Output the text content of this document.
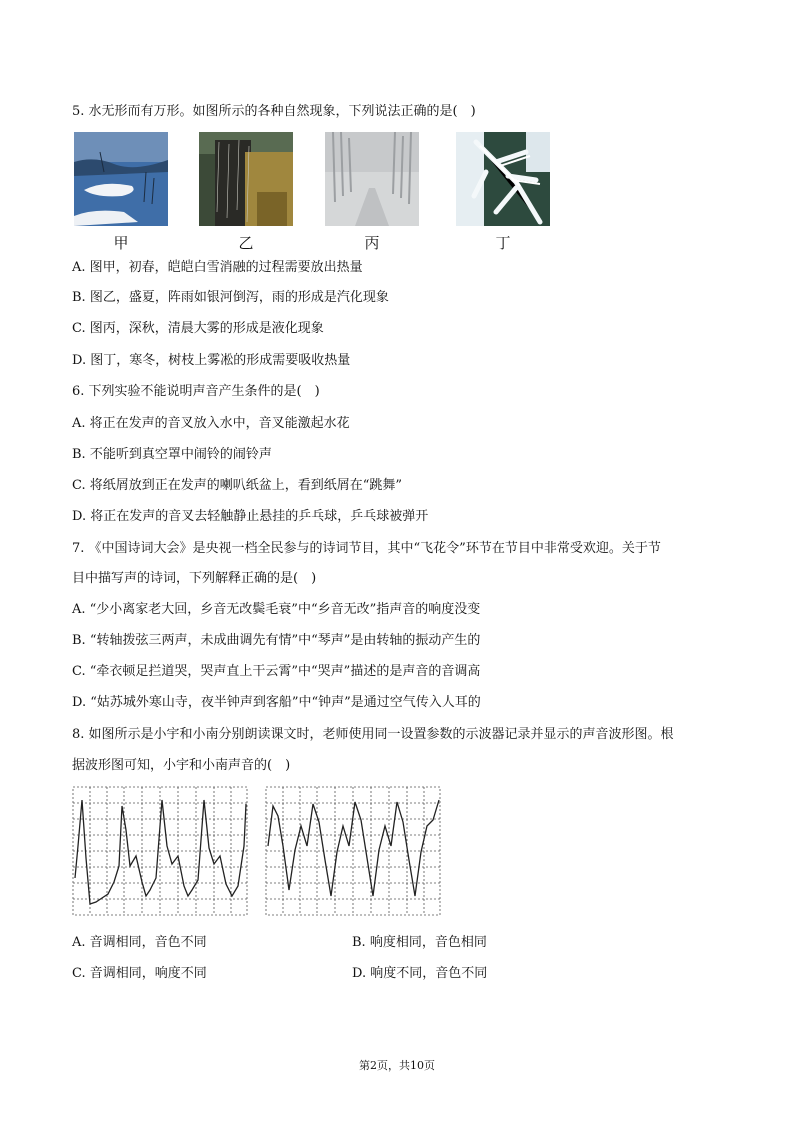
5. 水无形而有万形。如图所示的各种自然现象，下列说法正确的是(　)
甲	乙	丙	丁
A. 图甲，初春，皑皑白雪消融的过程需要放出热量
B. 图乙，盛夏，阵雨如银河倒泻，雨的形成是汽化现象
C. 图丙，深秋，清晨大雾的形成是液化现象
D. 图丁，寒冬，树枝上雾凇的形成需要吸收热量
6. 下列实验不能说明声音产生条件的是(　)
A. 将正在发声的音叉放入水中，音叉能激起水花
B. 不能听到真空罩中闹铃的闹铃声
C. 将纸屑放到正在发声的喇叭纸盆上，看到纸屑在“跳舞”
D. 将正在发声的音叉去轻触静止悬挂的乒乓球，乒乓球被弹开
7. 《中国诗词大会》是央视一档全民参与的诗词节目，其中“飞花令”环节在节目中非常受欢迎。关于节
目中描写声的诗词，下列解释正确的是(　)
A. “少小离家老大回，乡音无改鬓毛衰”中“乡音无改”指声音的响度没变
B. “转轴拨弦三两声，未成曲调先有情”中“琴声”是由转轴的振动产生的
C. “牵衣顿足拦道哭，哭声直上干云霄”中“哭声”描述的是声音的音调高
D. “姑苏城外寒山寺，夜半钟声到客船”中“钟声”是通过空气传入人耳的
8. 如图所示是小宇和小南分别朗读课文时，老师使用同一设置参数的示波器记录并显示的声音波形图。根
据波形图可知，小宇和小南声音的(　)
A. 音调相同，音色不同	B. 响度相同，音色相同
C. 音调相同，响度不同	D. 响度不同，音色不同
第2页，共10页
